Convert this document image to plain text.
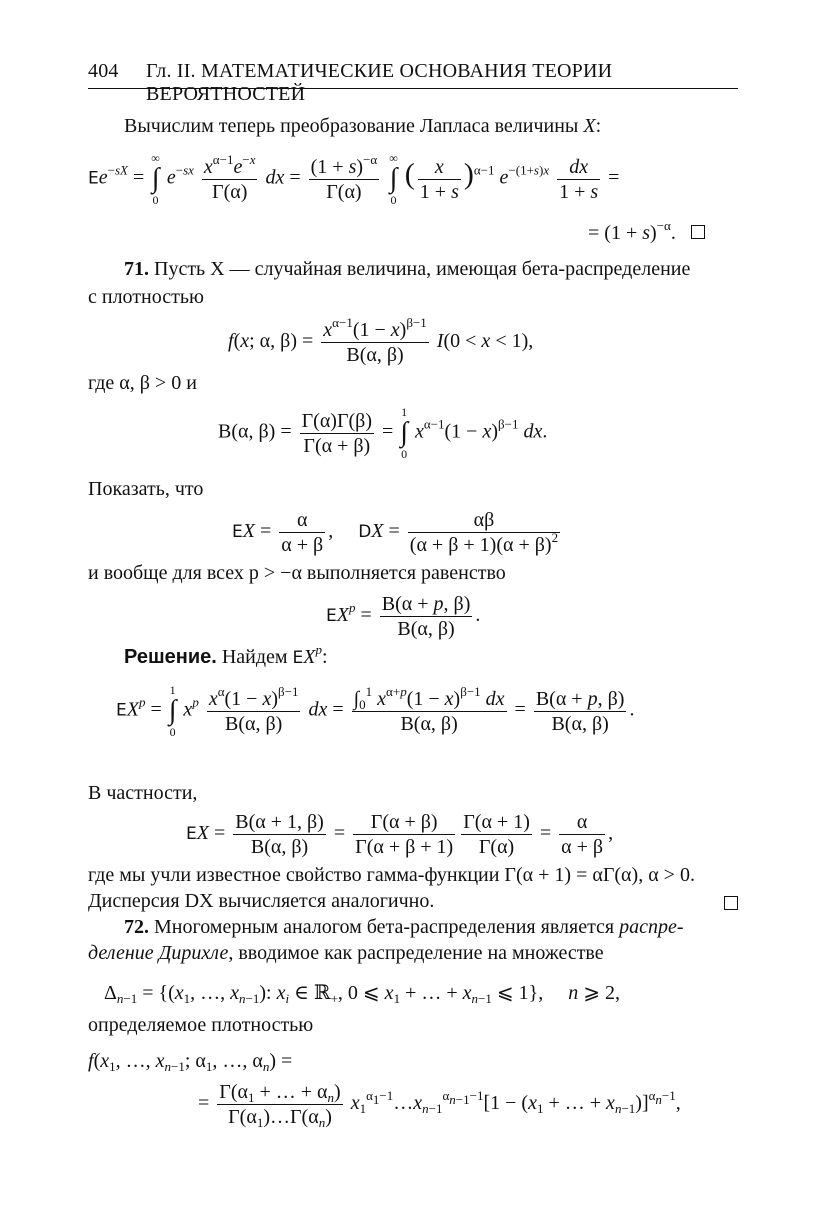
404 Гл. II. МАТЕМАТИЧЕСКИЕ ОСНОВАНИЯ ТЕОРИИ ВЕРОЯТНОСТЕЙ
Вычислим теперь преобразование Лапласа величины X:
$Ee^{-sX}$ =
∞
∫
0
$e^{-sx} \frac{x^{\alpha-1}e^{-x}}{\Gamma(\alpha)}$ dx = $\frac{(1 + s)^{-\alpha}}{\Gamma(\alpha)}$
∞
∫
0
( $\frac{x}{1 + s} )^{\alpha-1}$ $e^{-(1+s)x} \frac{dx}{1 + s}$ =
= $(1 + s)^{-\alpha}$.
71. Пусть X — случайная величина, имеющая бета-распределение
с плотностью
f(x; α, $\beta) = \frac{x^{\alpha-1}(1 - x)^{\beta-1}}{B(\alpha, \beta)} I(0 < x < 1)$,
где α, β > 0 и
B(α, $\beta) = \frac{\Gamma(\alpha)\Gamma(\beta)}{\Gamma(\alpha + \beta)}$ =
1
∫
0
$x^{\alpha-1}(1 - x)^{\beta-1}$ dx.
Показать, что
EX = $\frac{\alpha}{\alpha + \beta}$ ,     DX = $\frac{\alpha\beta}{(\alpha + \beta + 1)(\alpha + \beta)^2}$
и вообще для всех p > −α выполняется равенство
$EX^p = \frac{B(\alpha + p, \beta)}{B(\alpha, \beta)}$ .
Решение. Найдем $EX^p$:
$EX^p$ =
1
∫
0
$x^p \frac{x^\alpha(1 - x)^{\beta-1}}{B(\alpha, \beta)}$ dx = $\frac{\int_0^1 x^{\alpha+p}(1 - x)^{\beta-1} dx}{B(\alpha, \beta)} = \frac{B(\alpha + p, \beta)}{B(\alpha, \beta)}$ .
В частности,
EX = $\frac{B(\alpha + 1, \beta)}{B(\alpha, \beta)} = \frac{\Gamma(\alpha + \beta)}{\Gamma(\alpha + \beta + 1)} \frac{\Gamma(\alpha + 1)}{\Gamma(\alpha)} = \frac{\alpha}{\alpha + \beta}$ ,
где мы учли известное свойство гамма-функции Γ(α + 1) = αΓ(α), α > 0.
Дисперсия DX вычисляется аналогично.
72. Многомерным аналогом бета-распределения является распре-
деление Дирихле, вводимое как распределение на множестве
$\Delta_{n-1} = \{(x_1$, …, $x_{n-1}$): $x_i$ ∈ ℝ$_+$, 0 ⩽ $x_1$ + … + $x_{n-1}$ ⩽ 1},     n ⩾ 2,
определяемое плотностью
$f(x_1$, …, $x_{n-1}$; $\alpha_1$, …, $\alpha_n$) =
= $\frac{\Gamma(\alpha_1 + \dots + \alpha_n)}{\Gamma(\alpha_1)\dots\Gamma(\alpha_n)}$ $x_1^{\alpha_1-1}\dots x_{n-1}^{\alpha_{n-1}-1}[1 - (x_1$ + … + $x_{n-1})]^{\alpha_n-1}$,
